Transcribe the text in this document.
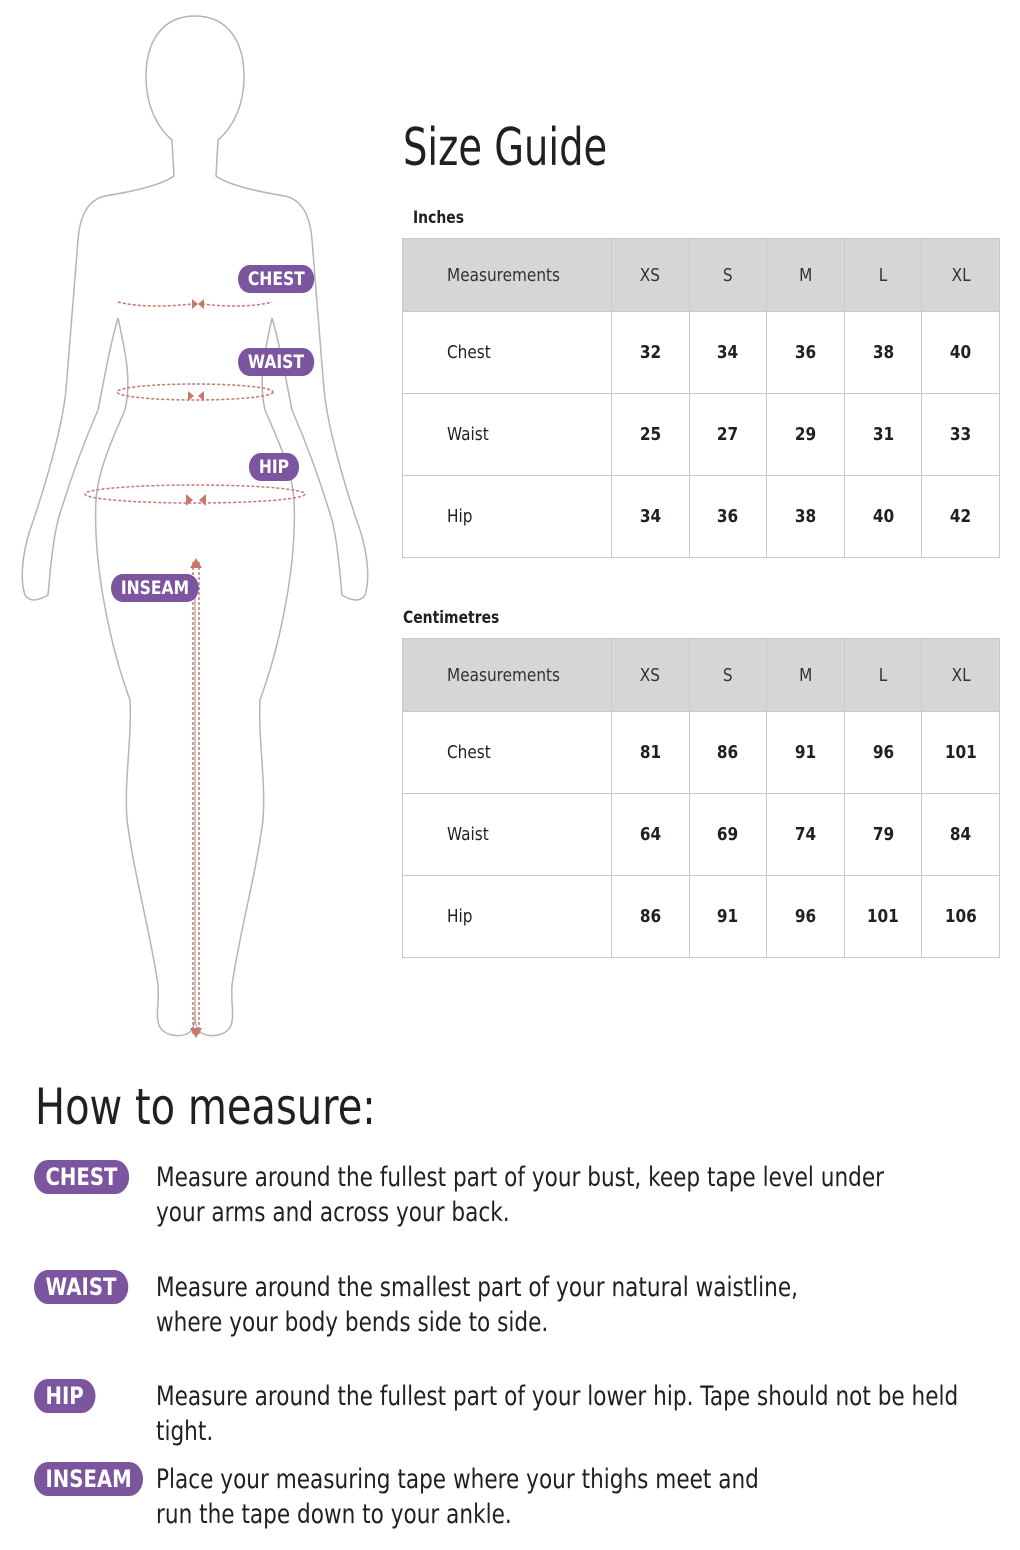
CHEST
WAIST
HIP
INSEAM
Size Guide
Inches
Measurements	XS	S	M	L	XL
Chest	32	34	36	38	40
Waist	25	27	29	31	33
Hip	34	36	38	40	42
Centimetres
Measurements	XS	S	M	L	XL
Chest	81	86	91	96	101
Waist	64	69	74	79	84
Hip	86	91	96	101	106
How to measure:
CHEST	Measure around the fullest part of your bust, keep tape level under
your arms and across your back.
WAIST	Measure around the smallest part of your natural waistline,
where your body bends side to side.
HIP	Measure around the fullest part of your lower hip. Tape should not be held tight.
INSEAM Place your measuring tape where your thighs meet and
run the tape down to your ankle.
